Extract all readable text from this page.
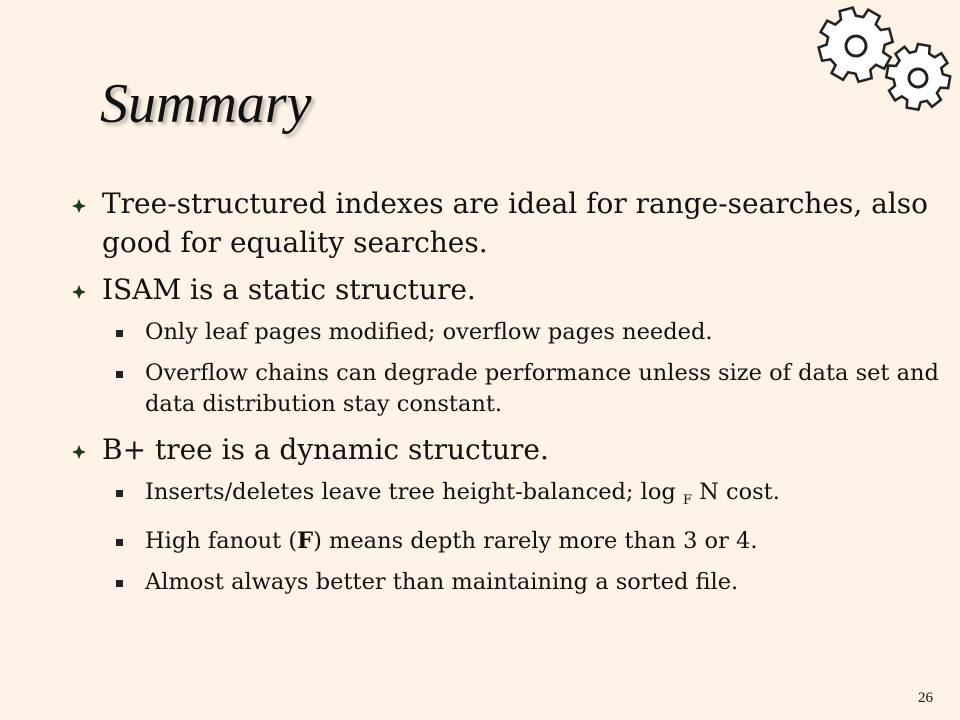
Summary
Tree-structured indexes are ideal for range-searches, also good for equality searches.
ISAM is a static structure.
Only leaf pages modified; overflow pages needed.
Overflow chains can degrade performance unless size of data set and data distribution stay constant.
B+ tree is a dynamic structure.
Inserts/deletes leave tree height-balanced; log $_F$ N cost.
High fanout (F) means depth rarely more than 3 or 4.
Almost always better than maintaining a sorted file.
26
